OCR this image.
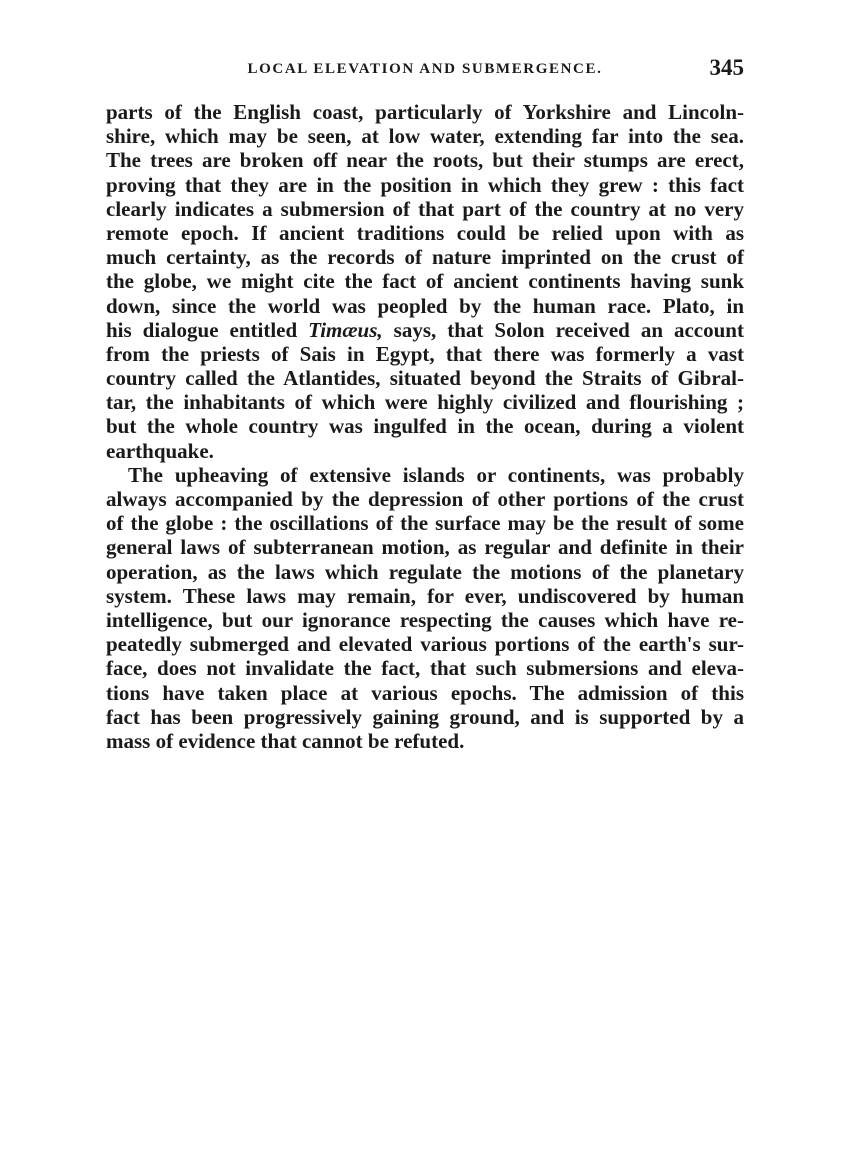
LOCAL ELEVATION AND SUBMERGENCE.	345
parts of the English coast, particularly of Yorkshire and Lincoln-
shire, which may be seen, at low water, extending far into the sea.
The trees are broken off near the roots, but their stumps are erect,
proving that they are in the position in which they grew : this fact
clearly indicates a submersion of that part of the country at no very
remote epoch. If ancient traditions could be relied upon with as
much certainty, as the records of nature imprinted on the crust of
the globe, we might cite the fact of ancient continents having sunk
down, since the world was peopled by the human race. Plato, in
his dialogue entitled Timæus, says, that Solon received an account
from the priests of Sais in Egypt, that there was formerly a vast
country called the Atlantides, situated beyond the Straits of Gibral-
tar, the inhabitants of which were highly civilized and flourishing ;
but the whole country was ingulfed in the ocean, during a violent
earthquake.
The upheaving of extensive islands or continents, was probably
always accompanied by the depression of other portions of the crust
of the globe : the oscillations of the surface may be the result of some
general laws of subterranean motion, as regular and definite in their
operation, as the laws which regulate the motions of the planetary
system. These laws may remain, for ever, undiscovered by human
intelligence, but our ignorance respecting the causes which have re-
peatedly submerged and elevated various portions of the earth's sur-
face, does not invalidate the fact, that such submersions and eleva-
tions have taken place at various epochs. The admission of this
fact has been progressively gaining ground, and is supported by a
mass of evidence that cannot be refuted.
